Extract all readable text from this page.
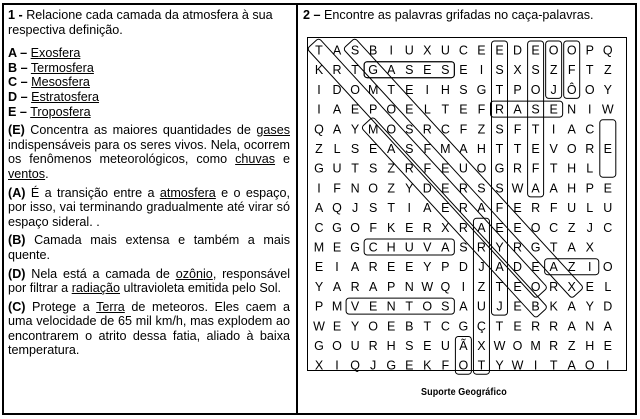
1 - Relacione cada camada da atmosfera à sua respectiva definição.

A – Exosfera
B – Termosfera
C – Mesosfera
D – Estratosfera
E – Troposfera

(E) Concentra as maiores quantidades de gases indispensáveis para os seres vivos. Nela, ocorrem os fenômenos meteorológicos, como chuvas e ventos.

(A) É a transição entre a atmosfera e o espaço, por isso, vai terminando gradualmente até virar só espaço sideral. .

(B) Camada mais extensa e também a mais quente.

(D) Nela está a camada de ozônio, responsável por filtrar a radiação ultravioleta emitida pelo Sol.

(C) Protege a Terra de meteoros. Eles caem a uma velocidade de 65 mil km/h, mas explodem ao encontrarem o atrito dessa fatia, aliado à baixa temperatura.

2 – Encontre as palavras grifadas no caça-palavras.

T A S B I U X U C E E D E O O P Q
K R T G A S E S E I S X S Z F T Z
I D O M T E I H S G T P O J Ô O Y
I A E P O E L T E F R A S E N I W
Q A Y M O S R C F Z S F T I A C
Z L S E A S F M A H T T E V O R E
G U T S Z R F E U O G R F T H L
I F N O Z Y D E R S S W A A H P E
A Q J S T I A E R A F E R F U L U
C G O F K E R X R A E E O C Z J C
M E G C H U V A S R Y R G T A X
E I A R E E Y P D J A D E A Z I O
Y A R A P N W Q I Z T E O R X E L
P M V E N T O S A U J E B K A Y D
W E Y O E B T C G Ç T E R R A N A
G O U R H S E U Ã X W O M R Z H E
X I Q J G E K F O T Y W I T A O I
Suporte Geográfico
